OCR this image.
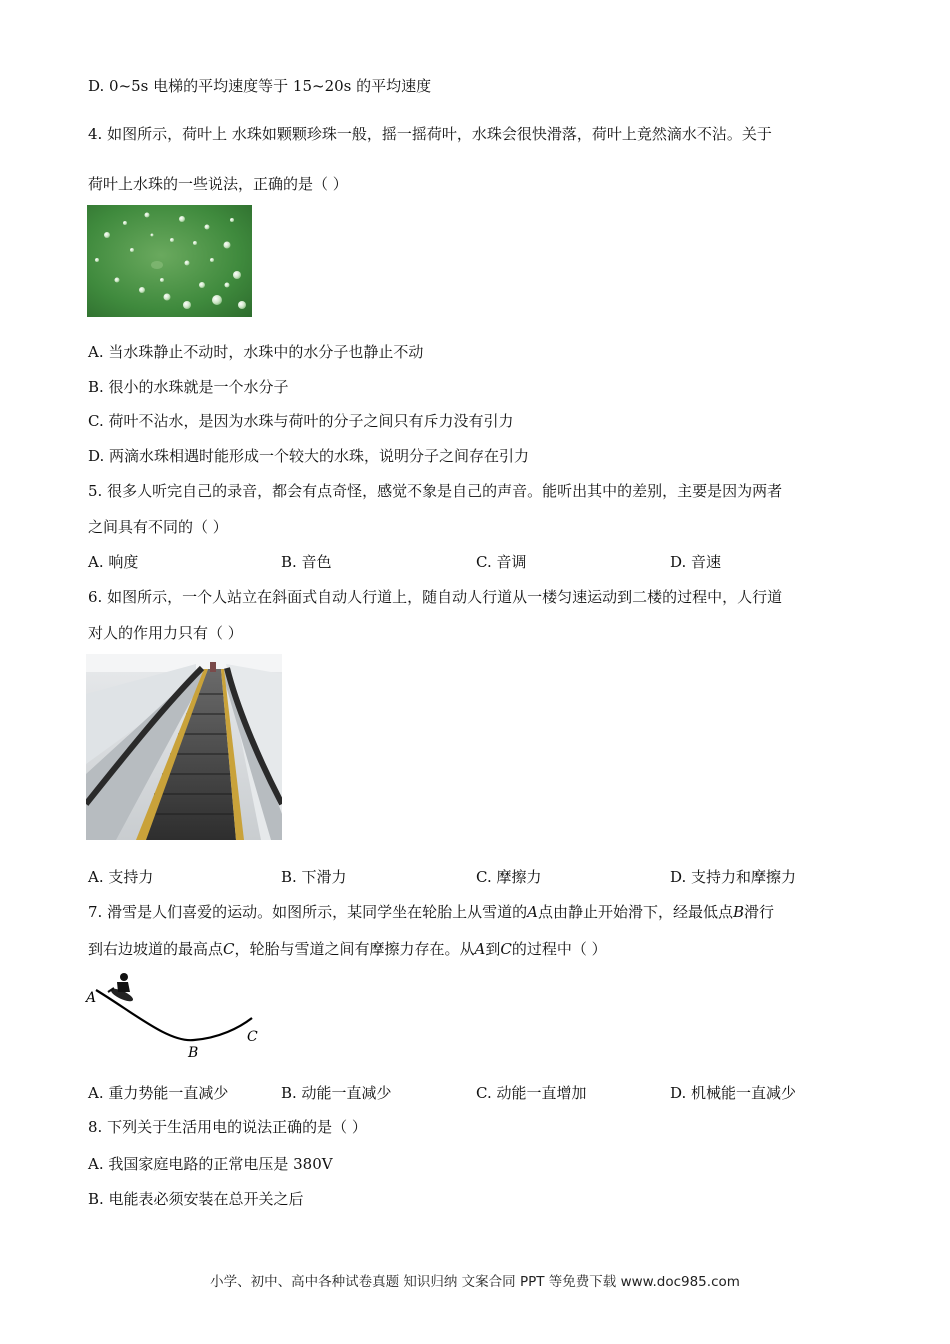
D. 0~5s 电梯的平均速度等于 15~20s 的平均速度
4. 如图所示，荷叶上 水珠如颗颗珍珠一般，摇一摇荷叶，水珠会很快滑落，荷叶上竟然滴水不沾。关于
荷叶上水珠的一些说法，正确的是（ ）
A. 当水珠静止不动时，水珠中的水分子也静止不动
B. 很小的水珠就是一个水分子
C. 荷叶不沾水，是因为水珠与荷叶的分子之间只有斥力没有引力
D. 两滴水珠相遇时能形成一个较大的水珠，说明分子之间存在引力
5. 很多人听完自己的录音，都会有点奇怪，感觉不象是自己的声音。能听出其中的差别，主要是因为两者
之间具有不同的（ ）
A. 响度	B. 音色	C. 音调	D. 音速
6. 如图所示，一个人站立在斜面式自动人行道上，随自动人行道从一楼匀速运动到二楼的过程中，人行道
对人的作用力只有（ ）
A. 支持力	B. 下滑力	C. 摩擦力	D. 支持力和摩擦力
7. 滑雪是人们喜爱的运动。如图所示，某同学坐在轮胎上从雪道的A点由静止开始滑下，经最低点B滑行
到右边坡道的最高点C，轮胎与雪道之间有摩擦力存在。从A到C的过程中（ ）
A
B
C
A. 重力势能一直减少	B. 动能一直减少	C. 动能一直增加	D. 机械能一直减少
8. 下列关于生活用电的说法正确的是（ ）
A. 我国家庭电路的正常电压是 380V
B. 电能表必须安装在总开关之后
小学、初中、高中各种试卷真题 知识归纳 文案合同 PPT 等免费下载 www.doc985.com
